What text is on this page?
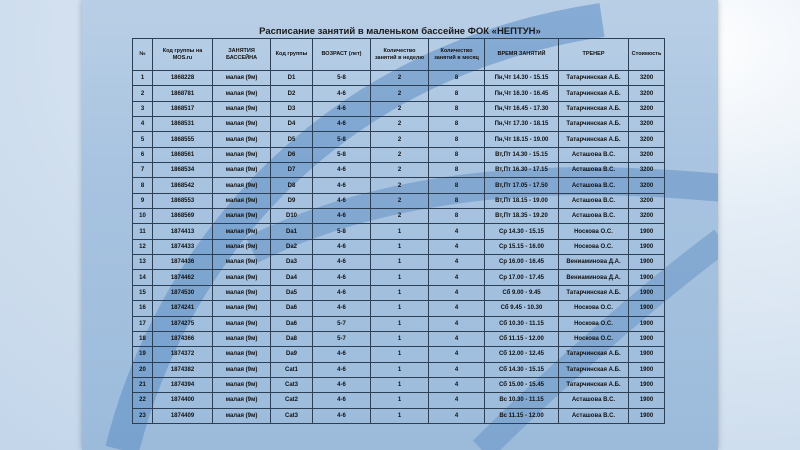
Расписание занятий в маленьком бассейне ФОК «НЕПТУН»
№	Код группы на MOS.ru	ЗАНЯТИЯ БАССЕЙНА	Код группы	ВОЗРАСТ (лет)	Количество занятий в неделю	Количество занятий в месяц	ВРЕМЯ ЗАНЯТИЙ	ТРЕНЕР	Стоимость
1	1868228	малая (9м)	D1	5-8	2	8	Пн,Чт 14.30 - 15.15	Татарчинская А.Б.	3200
2	1868781	малая (9м)	D2	4-6	2	8	Пн,Чт 16.30 - 16.45	Татарчинская А.Б.	3200
3	1868517	малая (9м)	D3	4-6	2	8	Пн,Чт 16.45 - 17.30	Татарчинская А.Б.	3200
4	1868531	малая (9м)	D4	4-6	2	8	Пн,Чт 17.30 - 18.15	Татарчинская А.Б.	3200
5	1868555	малая (9м)	D5	5-8	2	8	Пн,Чт 18.15 - 19.00	Татарчинская А.Б.	3200
6	1868561	малая (9м)	D6	5-8	2	8	Вт,Пт 14.30 - 15.15	Асташова В.С.	3200
7	1868534	малая (9м)	D7	4-6	2	8	Вт,Пт 16.30 - 17.15	Асташова В.С.	3200
8	1868542	малая (9м)	D8	4-6	2	8	Вт,Пт 17.05 - 17.50	Асташова В.С.	3200
9	1868553	малая (9м)	D9	4-6	2	8	Вт,Пт 18.15 - 19.00	Асташова В.С.	3200
10	1868569	малая (9м)	D10	4-6	2	8	Вт,Пт 18.35 - 19.20	Асташова В.С.	3200
11	1874413	малая (9м)	Da1	5-8	1	4	Ср 14.30 - 15.15	Носкова О.С.	1900
12	1874433	малая (9м)	Da2	4-6	1	4	Ср 15.15 - 16.00	Носкова О.С.	1900
13	1874436	малая (9м)	Da3	4-6	1	4	Ср 16.00 - 16.45	Вениаминова Д.А.	1900
14	1874462	малая (9м)	Da4	4-6	1	4	Ср 17.00 - 17.45	Вениаминова Д.А.	1900
15	1874530	малая (9м)	Da5	4-6	1	4	Сб 9.00 - 9.45	Татарчинская А.Б.	1900
16	1874241	малая (9м)	Da6	4-6	1	4	Сб 9.45 - 10.30	Носкова О.С.	1900
17	1874275	малая (9м)	Da6	5-7	1	4	Сб 10.30 - 11.15	Носкова О.С.	1900
18	1874366	малая (9м)	Da8	5-7	1	4	Сб 11.15 - 12.00	Носкова О.С.	1900
19	1874372	малая (9м)	Da9	4-6	1	4	Сб 12.00 - 12.45	Татарчинская А.Б.	1900
20	1874382	малая (9м)	Cat1	4-6	1	4	Сб 14.30 - 15.15	Татарчинская А.Б.	1900
21	1874394	малая (9м)	Cat3	4-6	1	4	Сб 15.00 - 15.45	Татарчинская А.Б.	1900
22	1874400	малая (9м)	Cat2	4-6	1	4	Вс 10.30 - 11.15	Асташова В.С.	1900
23	1874409	малая (9м)	Cat3	4-6	1	4	Вс 11.15 - 12.00	Асташова В.С.	1900
